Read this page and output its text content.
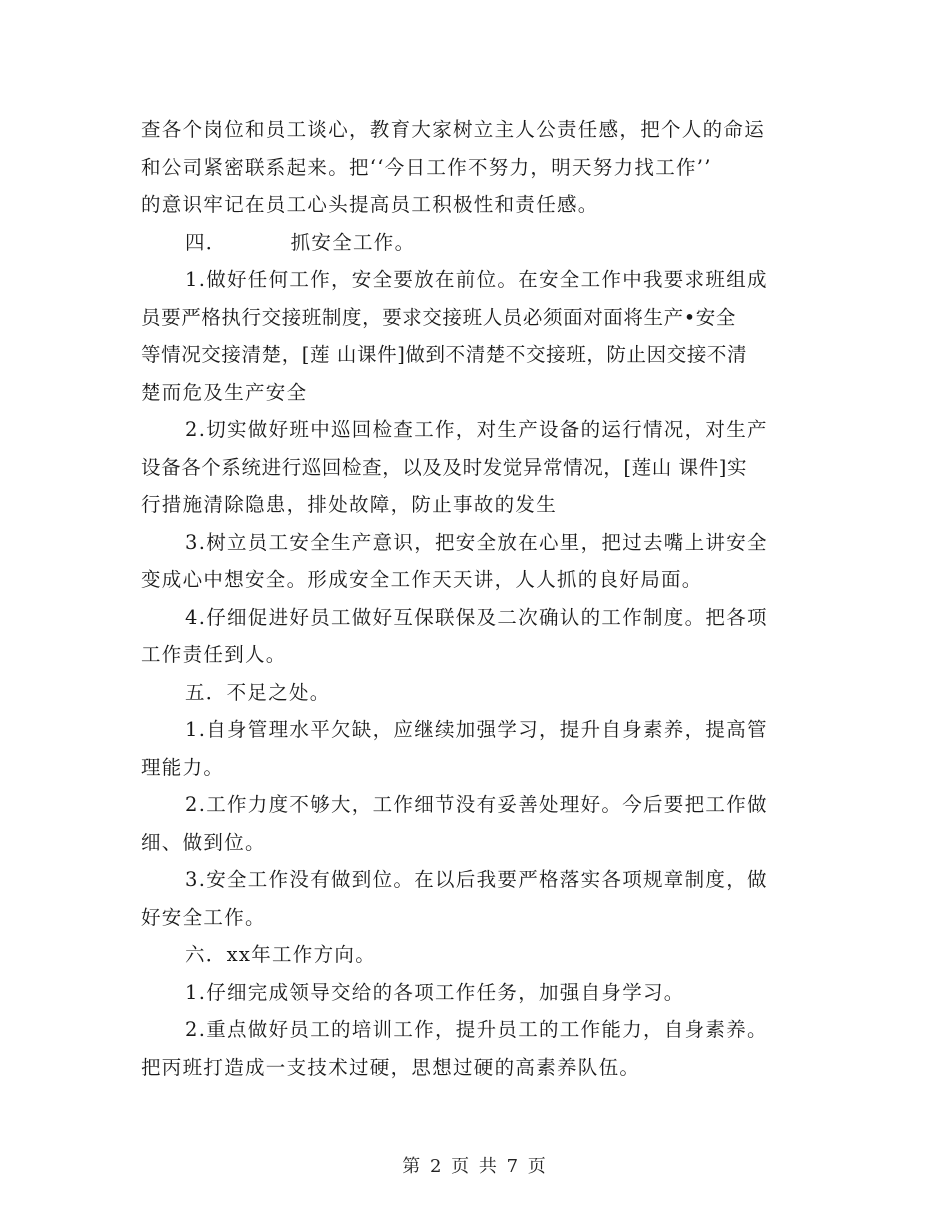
查各个岗位和员工谈心，教育大家树立主人公责任感，把个人的命运
和公司紧密联系起来。把‘‘今日工作不努力，明天努力找工作’’
的意识牢记在员工心头提高员工积极性和责任感。
四．	抓安全工作。
1.做好任何工作，安全要放在前位。在安全工作中我要求班组成
员要严格执行交接班制度，要求交接班人员必须面对面将生产•安全
等情况交接清楚，[莲 山课件]做到不清楚不交接班，防止因交接不清
楚而危及生产安全
2.切实做好班中巡回检查工作，对生产设备的运行情况，对生产
设备各个系统进行巡回检查，以及及时发觉异常情况，[莲山 课件]实
行措施清除隐患，排处故障，防止事故的发生
3.树立员工安全生产意识，把安全放在心里，把过去嘴上讲安全
变成心中想安全。形成安全工作天天讲，人人抓的良好局面。
4.仔细促进好员工做好互保联保及二次确认的工作制度。把各项
工作责任到人。
五．不足之处。
1.自身管理水平欠缺，应继续加强学习，提升自身素养，提高管
理能力。
2.工作力度不够大，工作细节没有妥善处理好。今后要把工作做
细、做到位。
3.安全工作没有做到位。在以后我要严格落实各项规章制度，做
好安全工作。
六．xx年工作方向。
1.仔细完成领导交给的各项工作任务，加强自身学习。
2.重点做好员工的培训工作，提升员工的工作能力，自身素养。
把丙班打造成一支技术过硬，思想过硬的高素养队伍。
第 2 页 共 7 页
